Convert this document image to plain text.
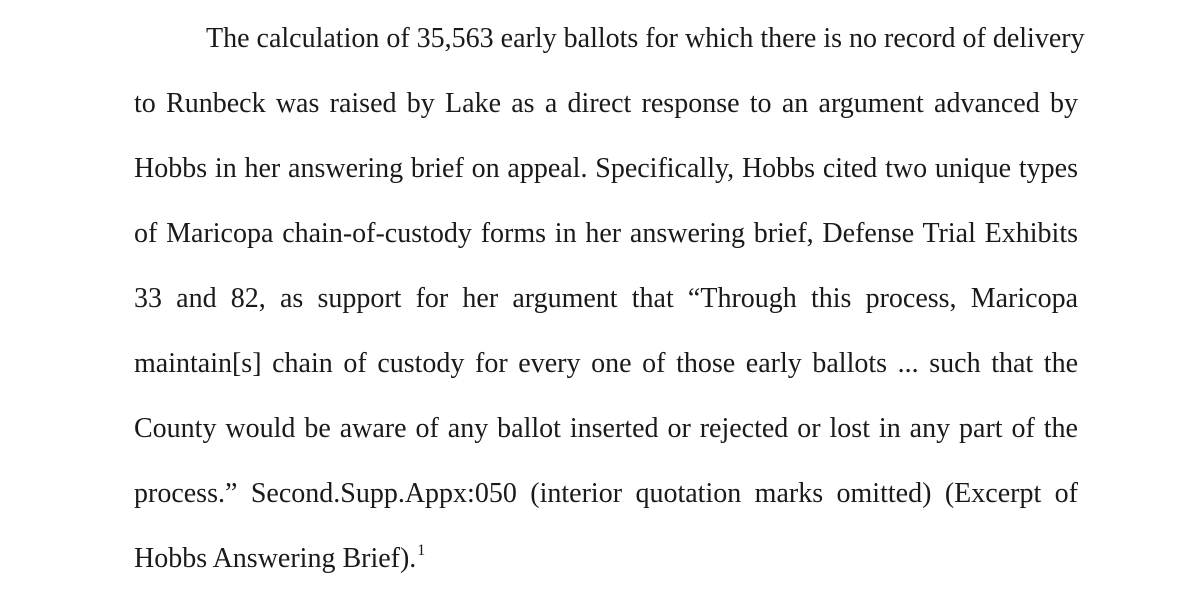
The calculation of 35,563 early ballots for which there is no record of delivery
to Runbeck was raised by Lake as a direct response to an argument advanced by
Hobbs in her answering brief on appeal. Specifically, Hobbs cited two unique types
of Maricopa chain-of-custody forms in her answering brief, Defense Trial Exhibits
33 and 82, as support for her argument that “Through this process, Maricopa
maintain[s] chain of custody for every one of those early ballots ... such that the
County would be aware of any ballot inserted or rejected or lost in any part of the
process.” Second.Supp.Appx:050 (interior quotation marks omitted) (Excerpt of
Hobbs Answering Brief).$^1$
